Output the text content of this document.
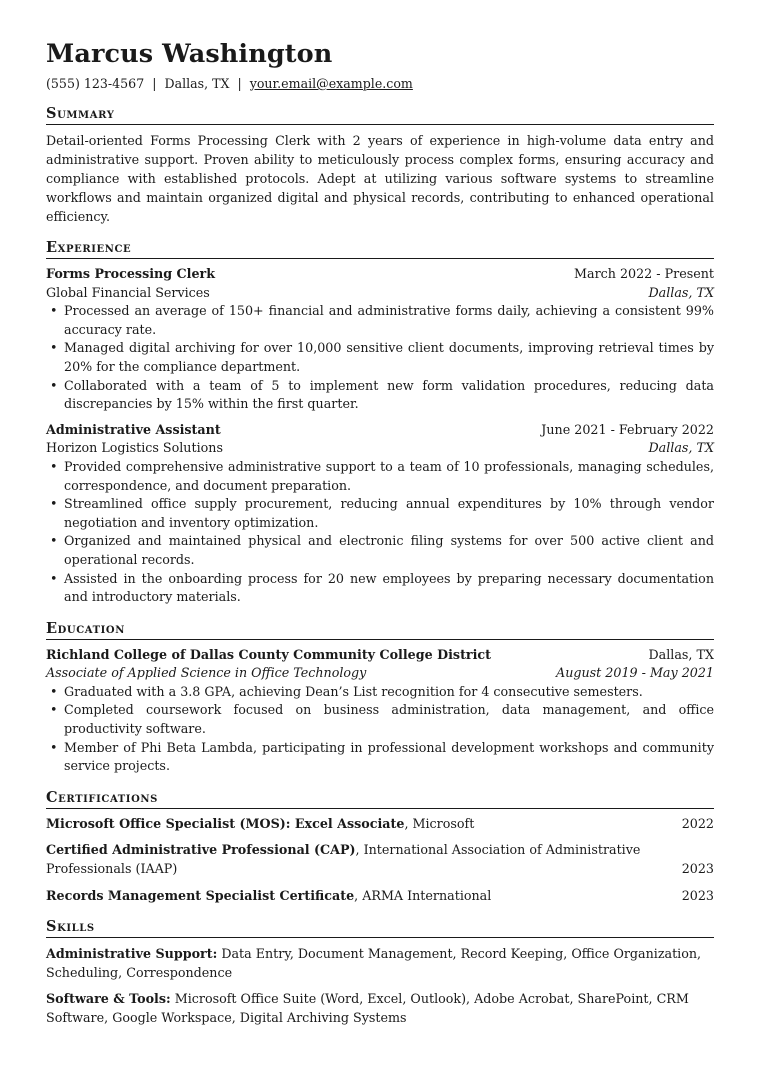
Marcus Washington
(555) 123-4567 | Dallas, TX | your.email@example.com
Summary
Detail-oriented Forms Processing Clerk with 2 years of experience in high-volume data entry and administrative support. Proven ability to meticulously process complex forms, ensuring accuracy and compliance with established protocols. Adept at utilizing various software systems to streamline workflows and maintain organized digital and physical records, contributing to enhanced operational efficiency.
Experience
Forms Processing Clerk	March 2022 - Present
Global Financial Services	Dallas, TX
• Processed an average of 150+ financial and administrative forms daily, achieving a consistent 99% accuracy rate.
• Managed digital archiving for over 10,000 sensitive client documents, improving retrieval times by 20% for the compliance department.
• Collaborated with a team of 5 to implement new form validation procedures, reducing data discrepancies by 15% within the first quarter.
Administrative Assistant	June 2021 - February 2022
Horizon Logistics Solutions	Dallas, TX
• Provided comprehensive administrative support to a team of 10 professionals, managing schedules, correspondence, and document preparation.
• Streamlined office supply procurement, reducing annual expenditures by 10% through vendor negotiation and inventory optimization.
• Organized and maintained physical and electronic filing systems for over 500 active client and operational records.
• Assisted in the onboarding process for 20 new employees by preparing necessary documentation and introductory materials.
Education
Richland College of Dallas County Community College District	Dallas, TX
Associate of Applied Science in Office Technology	August 2019 - May 2021
• Graduated with a 3.8 GPA, achieving Dean’s List recognition for 4 consecutive semesters.
• Completed coursework focused on business administration, data management, and office productivity software.
• Member of Phi Beta Lambda, participating in professional development workshops and community service projects.
Certifications
Microsoft Office Specialist (MOS): Excel Associate, Microsoft	2022
Certified Administrative Professional (CAP), International Association of Administrative Professionals (IAAP)	2023
Records Management Specialist Certificate, ARMA International	2023
Skills
Administrative Support: Data Entry, Document Management, Record Keeping, Office Organization, Scheduling, Correspondence
Software & Tools: Microsoft Office Suite (Word, Excel, Outlook), Adobe Acrobat, SharePoint, CRM Software, Google Workspace, Digital Archiving Systems
